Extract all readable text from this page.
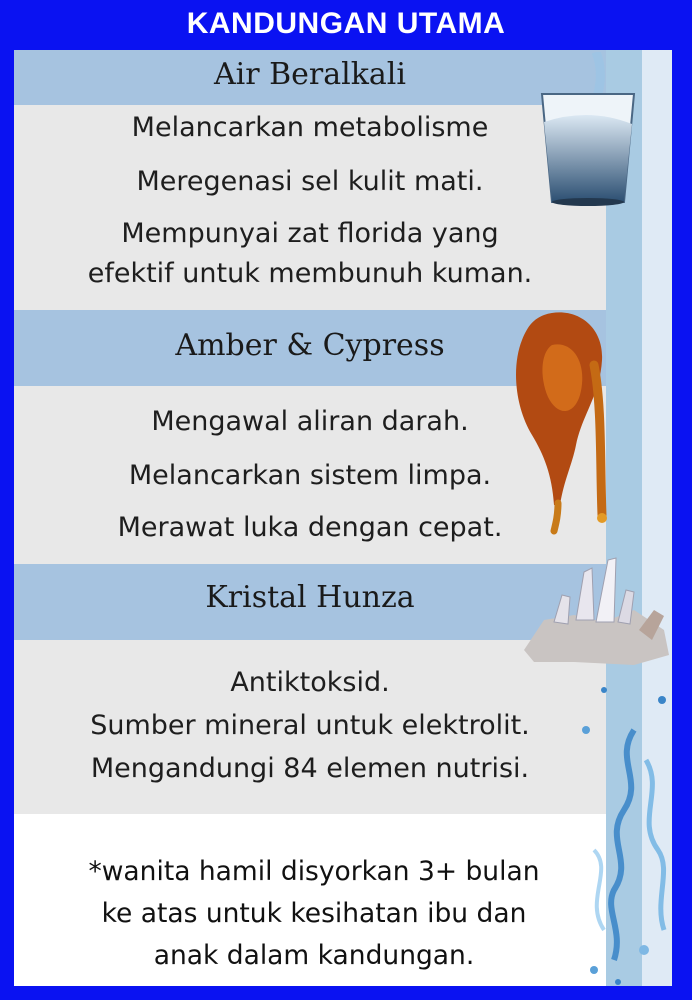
KANDUNGAN UTAMA
Air Beralkali
Melancarkan metabolisme
Meregenasi sel kulit mati.
Mempunyai zat florida yang
efektif untuk membunuh kuman.
Amber & Cypress
Mengawal aliran darah.
Melancarkan sistem limpa.
Merawat luka dengan cepat.
Kristal Hunza
Antiktoksid.
Sumber mineral untuk elektrolit.
Mengandungi 84 elemen nutrisi.
*wanita hamil disyorkan 3+ bulan
ke atas untuk kesihatan ibu dan
anak dalam kandungan.
